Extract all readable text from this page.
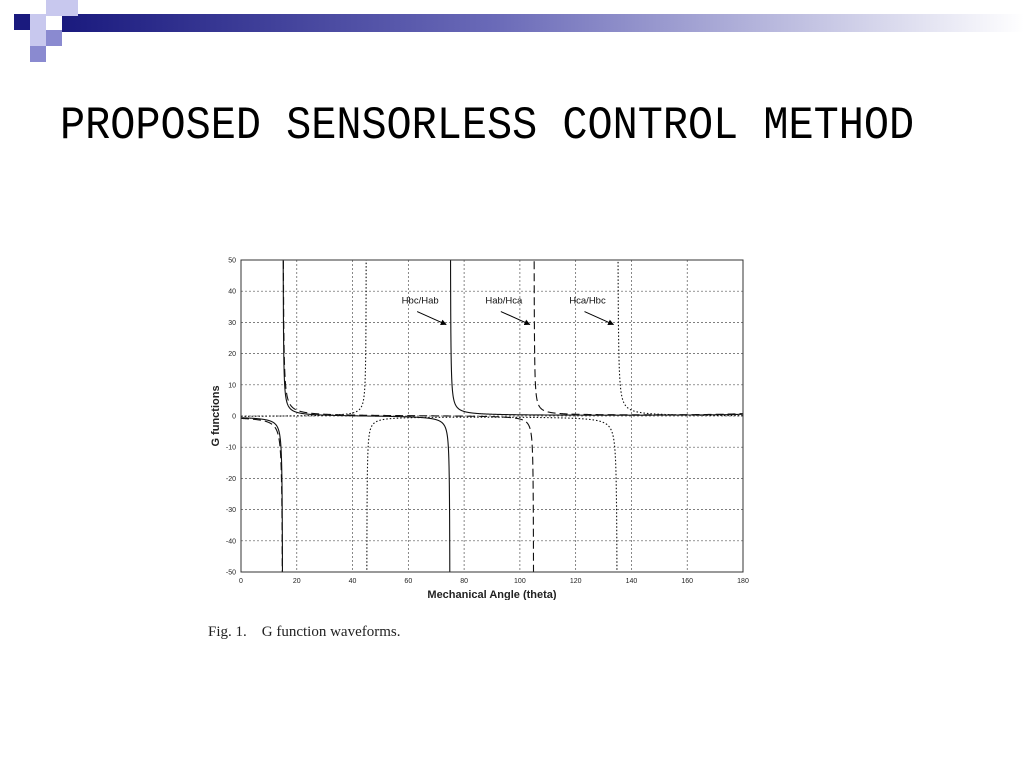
PROPOSED SENSORLESS CONTROL METHOD
0	20	40	60	80	100	120	140	160	180
50
40
30
20
10
0
-10
-20
-30
-40
-50
Hbc/Hab	Hab/Hca	Hca/Hbc
Mechanical Angle (theta)
G functions
Fig. 1.    G function waveforms.
